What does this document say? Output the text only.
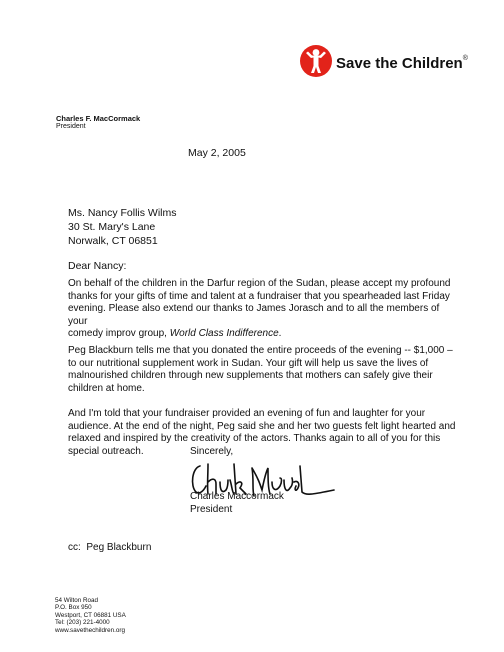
Save the Children®
Charles F. MacCormack
President
May 2, 2005
Ms. Nancy Follis Wilms
30 St. Mary's Lane
Norwalk, CT 06851
Dear Nancy:

On behalf of the children in the Darfur region of the Sudan, please accept my profound

thanks for your gifts of time and talent at a fundraiser that you spearheaded last Friday

evening. Please also extend our thanks to James Jorasch and to all the members of your

comedy improv group, World Class Indifference.

Peg Blackburn tells me that you donated the entire proceeds of the evening -- $1,000 –

to our nutritional supplement work in Sudan. Your gift will help us save the lives of

malnourished children through new supplements that mothers can safely give their

children at home.

And I'm told that your fundraiser provided an evening of fun and laughter for your

audience. At the end of the night, Peg said she and her two guests felt light hearted and

relaxed and inspired by the creativity of the actors. Thanks again to all of you for this

special outreach.	Sincerely,
Charles Maccormack
President
cc:  Peg Blackburn
54 Wilton Road
P.O. Box 950
Westport, CT 06881 USA
Tel: (203) 221-4000
www.savethechildren.org
